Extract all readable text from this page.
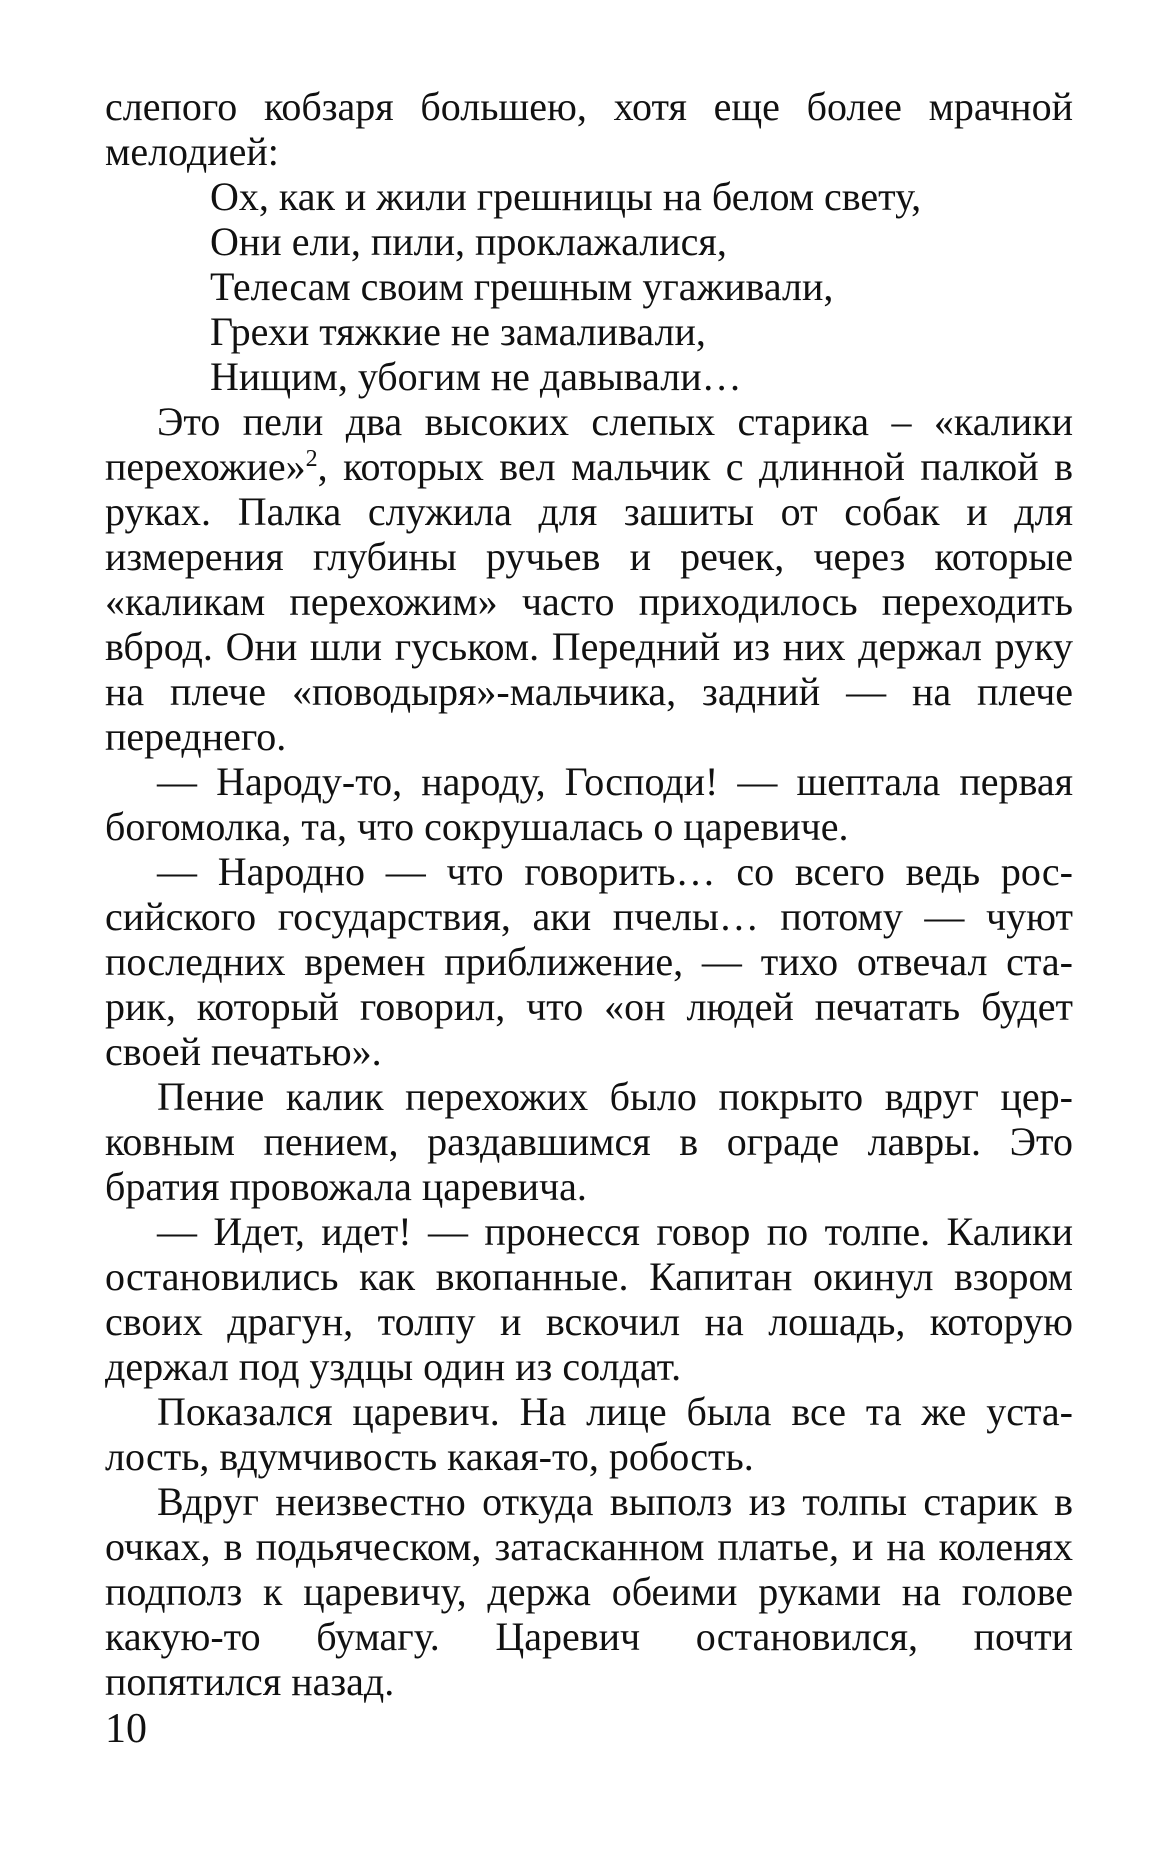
слепого кобзаря большею, хотя еще более мрачной мелодией:

Ох, как и жили грешницы на белом свету,
Они ели, пили, проклажалися,
Телесам своим грешным угаживали,
Грехи тяжкие не замаливали,
Нищим, убогим не давывали…

Это пели два высоких слепых старика – «калики перехожие»$^2$, которых вел мальчик с длинной палкой в руках. Палка служила для зашиты от собак и для измерения глубины ручьев и речек, через которые «каликам перехожим» часто приходилось переходить вброд. Они шли гуськом. Передний из них держал руку на плече «поводыря»-мальчика, задний — на плече переднего.

— Народу-то, народу, Господи! — шептала первая богомолка, та, что сокрушалась о царевиче.

— Народно — что говорить… со всего ведь российского государствия, аки пчелы… потому — чуют последних времен приближение, — тихо отвечал старик, который говорил, что «он людей печатать будет своей печатью».

Пение калик перехожих было покрыто вдруг церковным пением, раздавшимся в ограде лавры. Это братия провожала царевича.

— Идет, идет! — пронесся говор по толпе. Калики остановились как вкопанные. Капитан окинул взором своих драгун, толпу и вскочил на лошадь, которую держал под уздцы один из солдат.

Показался царевич. На лице была все та же усталость, вдумчивость какая-то, робость.

Вдруг неизвестно откуда выполз из толпы старик в очках, в подьяческом, затасканном платье, и на коленях подполз к царевичу, держа обеими руками на голове какую-то бумагу. Царевич остановился, почти попятился назад.

10
